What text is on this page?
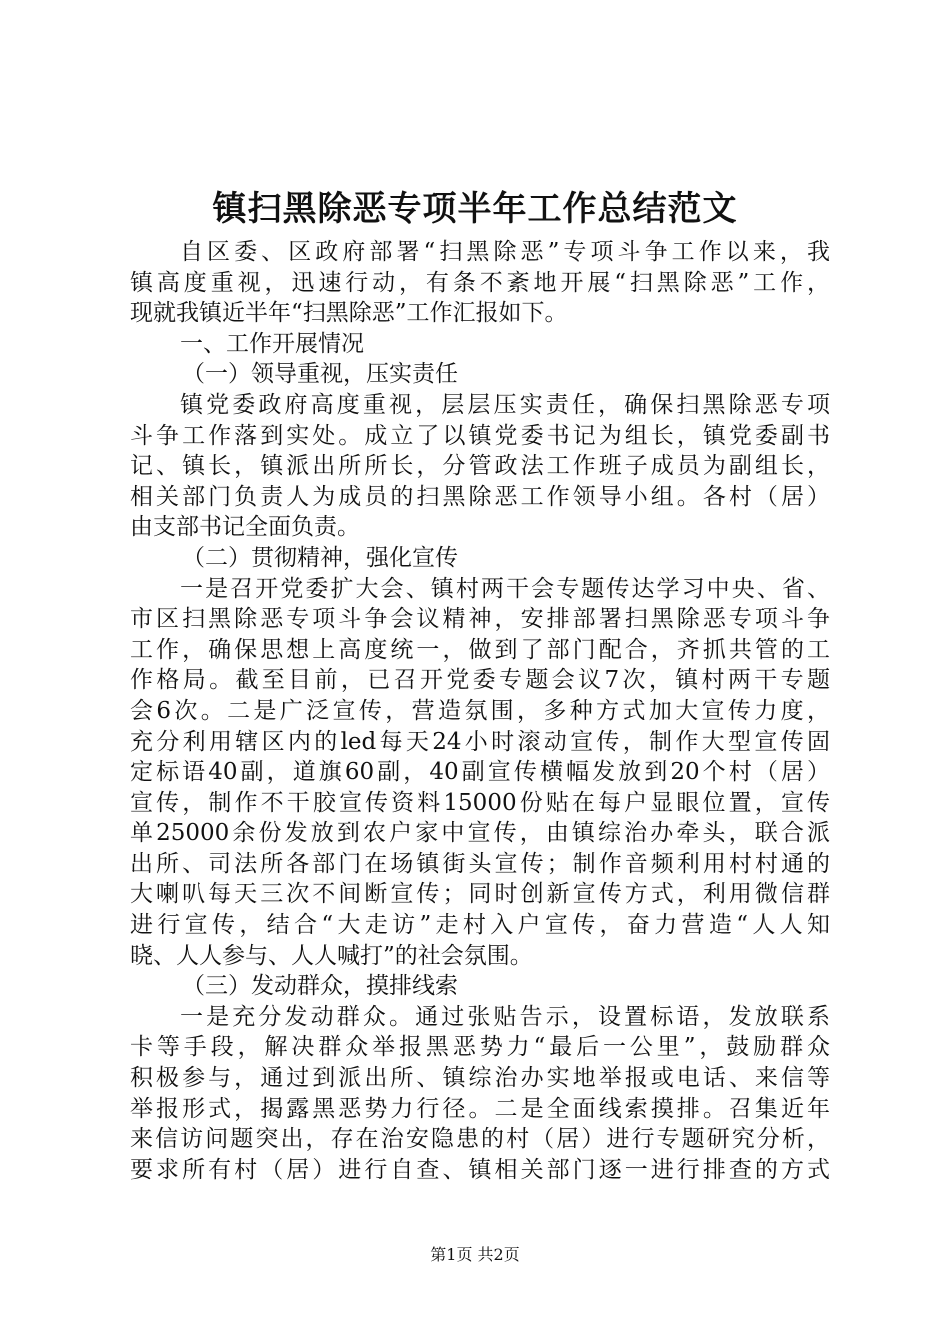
镇扫黑除恶专项半年工作总结范文
自区委、区政府部署“扫黑除恶”专项斗争工作以来，我
镇高度重视，迅速行动，有条不紊地开展“扫黑除恶”工作，
现就我镇近半年“扫黑除恶”工作汇报如下。
一、工作开展情况
（一）领导重视，压实责任
镇党委政府高度重视，层层压实责任，确保扫黑除恶专项
斗争工作落到实处。成立了以镇党委书记为组长，镇党委副书
记、镇长，镇派出所所长，分管政法工作班子成员为副组长，
相关部门负责人为成员的扫黑除恶工作领导小组。各村（居）
由支部书记全面负责。
（二）贯彻精神，强化宣传
一是召开党委扩大会、镇村两干会专题传达学习中央、省、
市区扫黑除恶专项斗争会议精神，安排部署扫黑除恶专项斗争
工作，确保思想上高度统一，做到了部门配合，齐抓共管的工
作格局。截至目前，已召开党委专题会议7次，镇村两干专题
会6次。二是广泛宣传，营造氛围，多种方式加大宣传力度，
充分利用辖区内的led每天24小时滚动宣传，制作大型宣传固
定标语40副，道旗60副，40副宣传横幅发放到20个村（居）
宣传，制作不干胶宣传资料15000份贴在每户显眼位置，宣传
单25000余份发放到农户家中宣传，由镇综治办牵头，联合派
出所、司法所各部门在场镇街头宣传；制作音频利用村村通的
大喇叭每天三次不间断宣传；同时创新宣传方式，利用微信群
进行宣传，结合“大走访”走村入户宣传，奋力营造“人人知
晓、人人参与、人人喊打”的社会氛围。
（三）发动群众，摸排线索
一是充分发动群众。通过张贴告示，设置标语，发放联系
卡等手段，解决群众举报黑恶势力“最后一公里”，鼓励群众
积极参与，通过到派出所、镇综治办实地举报或电话、来信等
举报形式，揭露黑恶势力行径。二是全面线索摸排。召集近年
来信访问题突出，存在治安隐患的村（居）进行专题研究分析，
要求所有村（居）进行自查、镇相关部门逐一进行排查的方式
第1页 共2页
